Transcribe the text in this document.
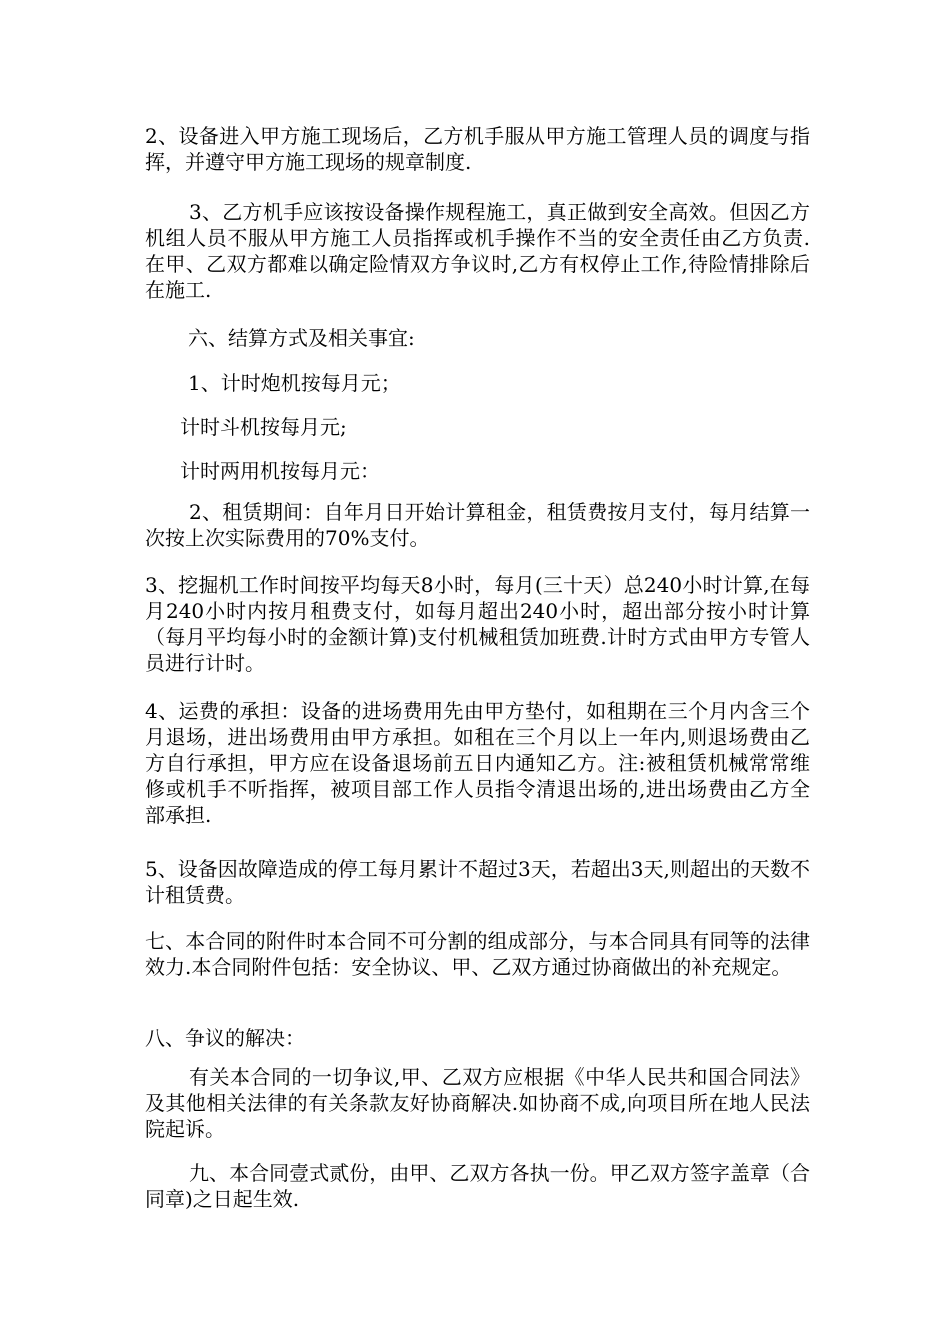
2、设备进入甲方施工现场后，乙方机手服从甲方施工管理人员的调度与指挥，并遵守甲方施工现场的规章制度.

3、乙方机手应该按设备操作规程施工，真正做到安全高效。但因乙方机组人员不服从甲方施工人员指挥或机手操作不当的安全责任由乙方负责.在甲、乙双方都难以确定险情双方争议时,乙方有权停止工作,待险情排除后在施工.

六、结算方式及相关事宜:

1、计时炮机按每月元；

计时斗机按每月元;

计时两用机按每月元：

2、租赁期间：自年月日开始计算租金，租赁费按月支付，每月结算一次按上次实际费用的70%支付。

3、挖掘机工作时间按平均每天8小时，每月(三十天）总240小时计算,在每月240小时内按月租费支付，如每月超出240小时，超出部分按小时计算（每月平均每小时的金额计算)支付机械租赁加班费.计时方式由甲方专管人员进行计时。

4、运费的承担：设备的进场费用先由甲方垫付，如租期在三个月内含三个月退场，进出场费用由甲方承担。如租在三个月以上一年内,则退场费由乙方自行承担，甲方应在设备退场前五日内通知乙方。注:被租赁机械常常维修或机手不听指挥，被项目部工作人员指令清退出场的,进出场费由乙方全部承担.

5、设备因故障造成的停工每月累计不超过3天，若超出3天,则超出的天数不计租赁费。

七、本合同的附件时本合同不可分割的组成部分，与本合同具有同等的法律效力.本合同附件包括：安全协议、甲、乙双方通过协商做出的补充规定。

八、争议的解决：

有关本合同的一切争议,甲、乙双方应根据《中华人民共和国合同法》及其他相关法律的有关条款友好协商解决.如协商不成,向项目所在地人民法院起诉。

九、本合同壹式贰份，由甲、乙双方各执一份。甲乙双方签字盖章（合同章)之日起生效.
